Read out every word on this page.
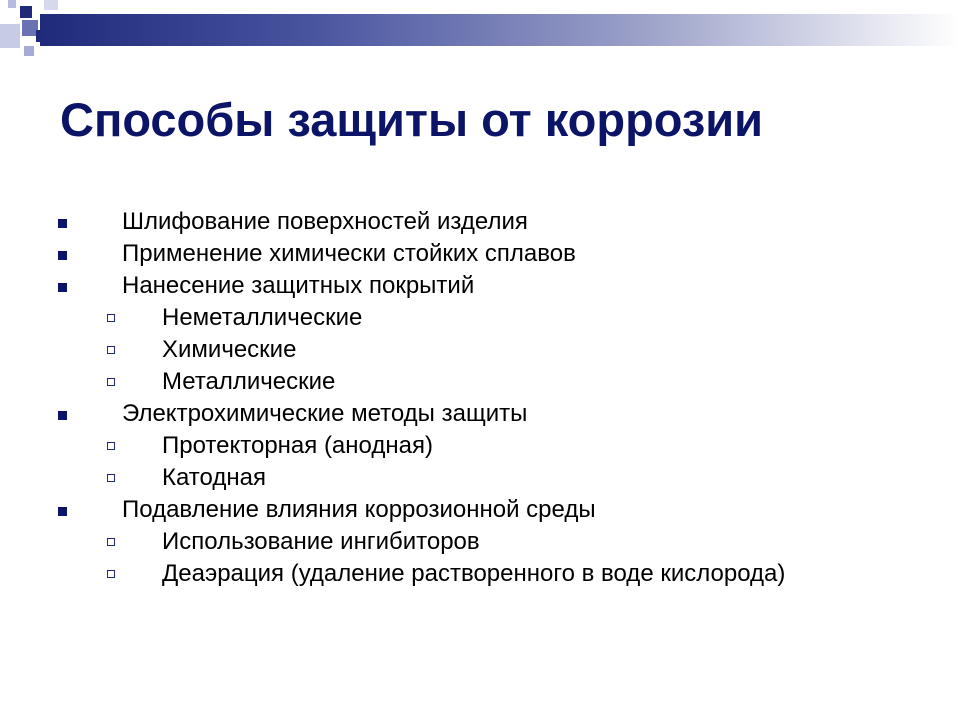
Способы защиты от коррозии
Шлифование поверхностей изделия
Применение химически стойких сплавов
Нанесение защитных покрытий
Неметаллические
Химические
Металлические
Электрохимические методы защиты
Протекторная (анодная)
Катодная
Подавление влияния коррозионной среды
Использование ингибиторов
Деаэрация (удаление растворенного в воде кислорода)
